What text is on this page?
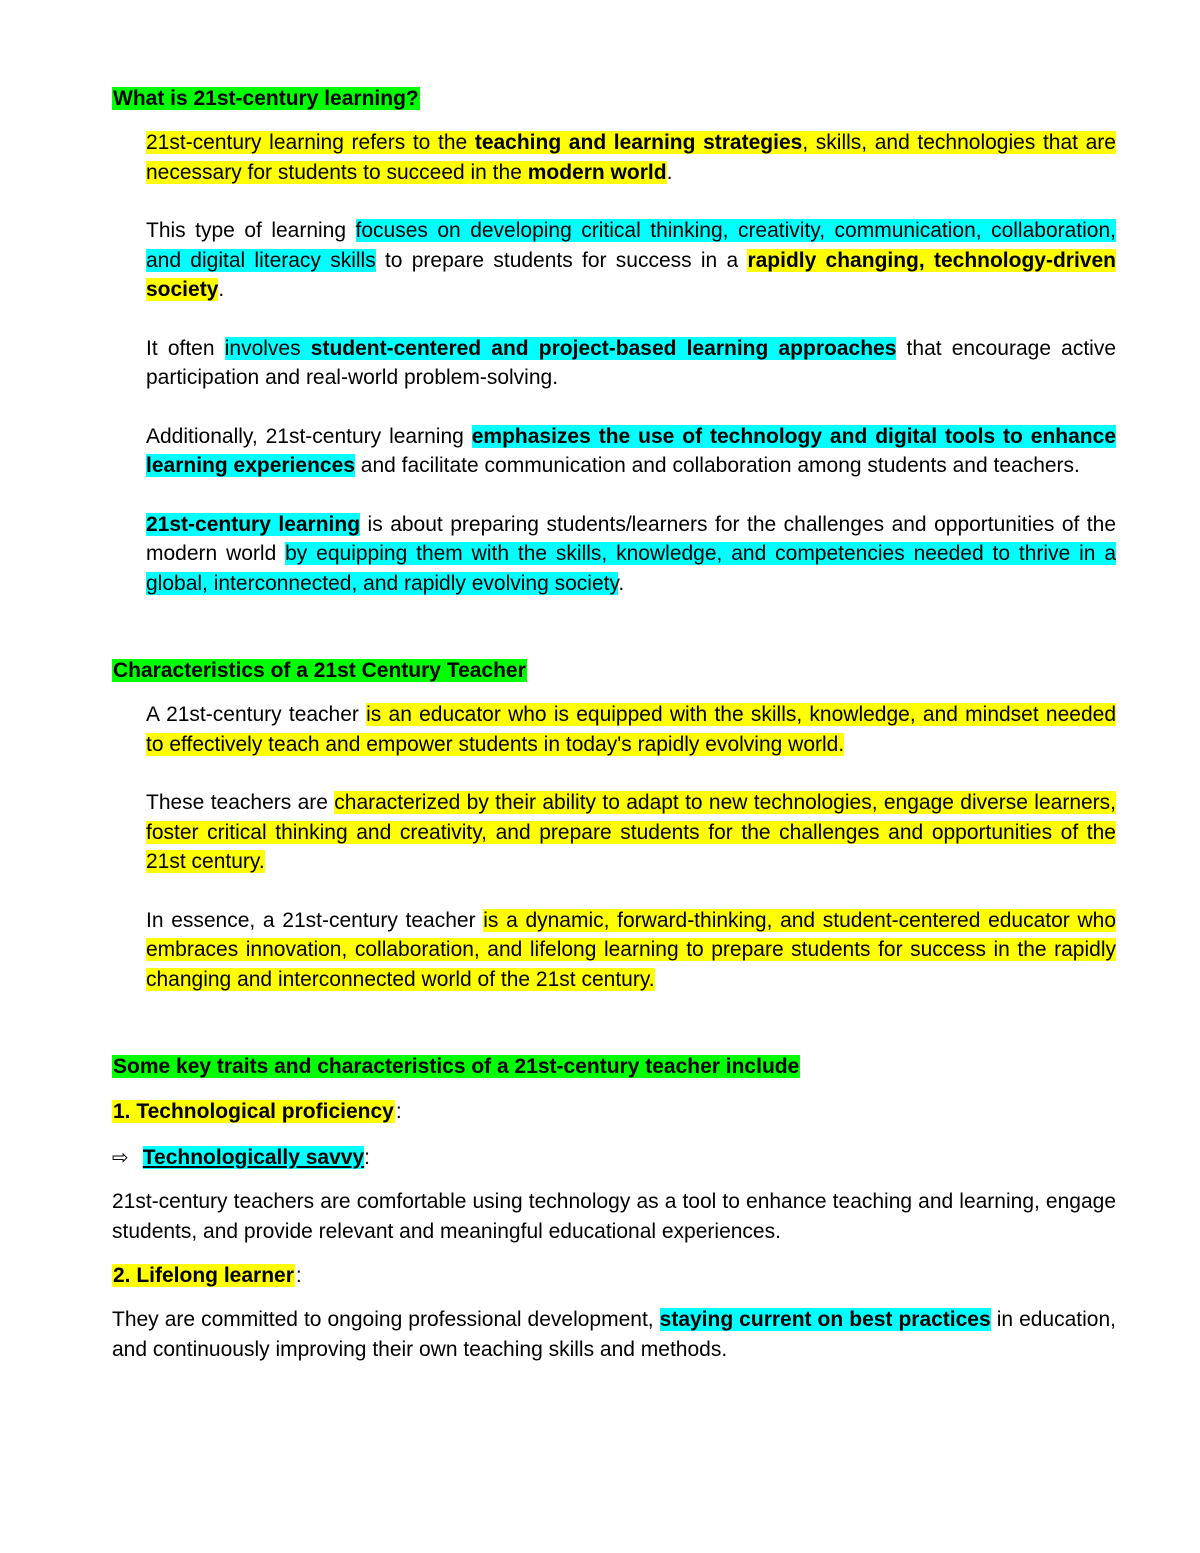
What is 21st-century learning?

21st-century learning refers to the teaching and learning strategies, skills, and technologies that are necessary for students to succeed in the modern world.
This type of learning focuses on developing critical thinking, creativity, communication, collaboration, and digital literacy skills to prepare students for success in a rapidly changing, technology-driven society.
It often involves student-centered and project-based learning approaches that encourage active participation and real-world problem-solving.
Additionally, 21st-century learning emphasizes the use of technology and digital tools to enhance learning experiences and facilitate communication and collaboration among students and teachers.
21st-century learning is about preparing students/learners for the challenges and opportunities of the modern world by equipping them with the skills, knowledge, and competencies needed to thrive in a global, interconnected, and rapidly evolving society.

Characteristics of a 21st Century Teacher

A 21st-century teacher is an educator who is equipped with the skills, knowledge, and mindset needed to effectively teach and empower students in today's rapidly evolving world.
These teachers are characterized by their ability to adapt to new technologies, engage diverse learners, foster critical thinking and creativity, and prepare students for the challenges and opportunities of the 21st century.
In essence, a 21st-century teacher is a dynamic, forward-thinking, and student-centered educator who embraces innovation, collaboration, and lifelong learning to prepare students for success in the rapidly changing and interconnected world of the 21st century.

Some key traits and characteristics of a 21st-century teacher include

1. Technological proficiency:

⇨ Technologically savvy:

21st-century teachers are comfortable using technology as a tool to enhance teaching and learning, engage students, and provide relevant and meaningful educational experiences.

2. Lifelong learner:

They are committed to ongoing professional development, staying current on best practices in education, and continuously improving their own teaching skills and methods.
